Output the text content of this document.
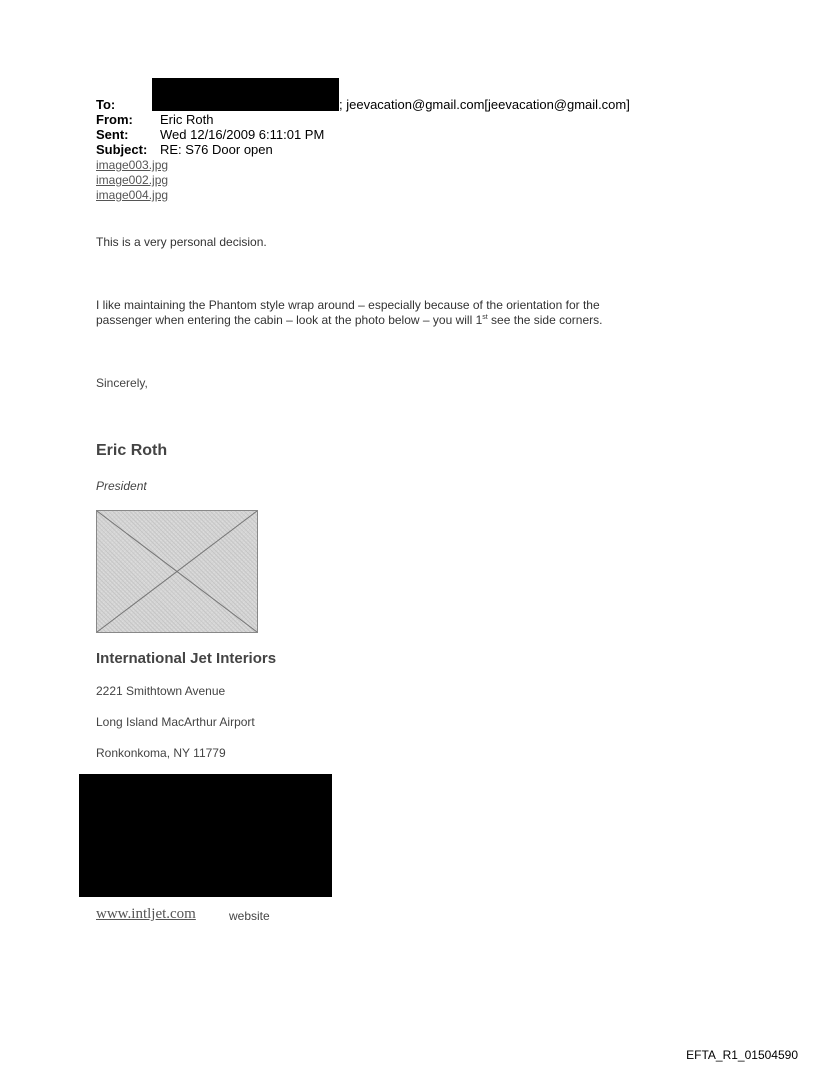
To:	; jeevacation@gmail.com[jeevacation@gmail.com]
From: Eric Roth
Sent: Wed 12/16/2009 6:11:01 PM
Subject: RE: S76 Door open
image003.jpg
image002.jpg
image004.jpg
This is a very personal decision.
I like maintaining the Phantom style wrap around – especially because of the orientation for the
passenger when entering the cabin – look at the photo below – you will 1st see the side corners.
Sincerely,
Eric Roth
President
International Jet Interiors
2221 Smithtown Avenue
Long Island MacArthur Airport
Ronkonkoma, NY 11779
www.intljet.com	website
EFTA_R1_01504590
